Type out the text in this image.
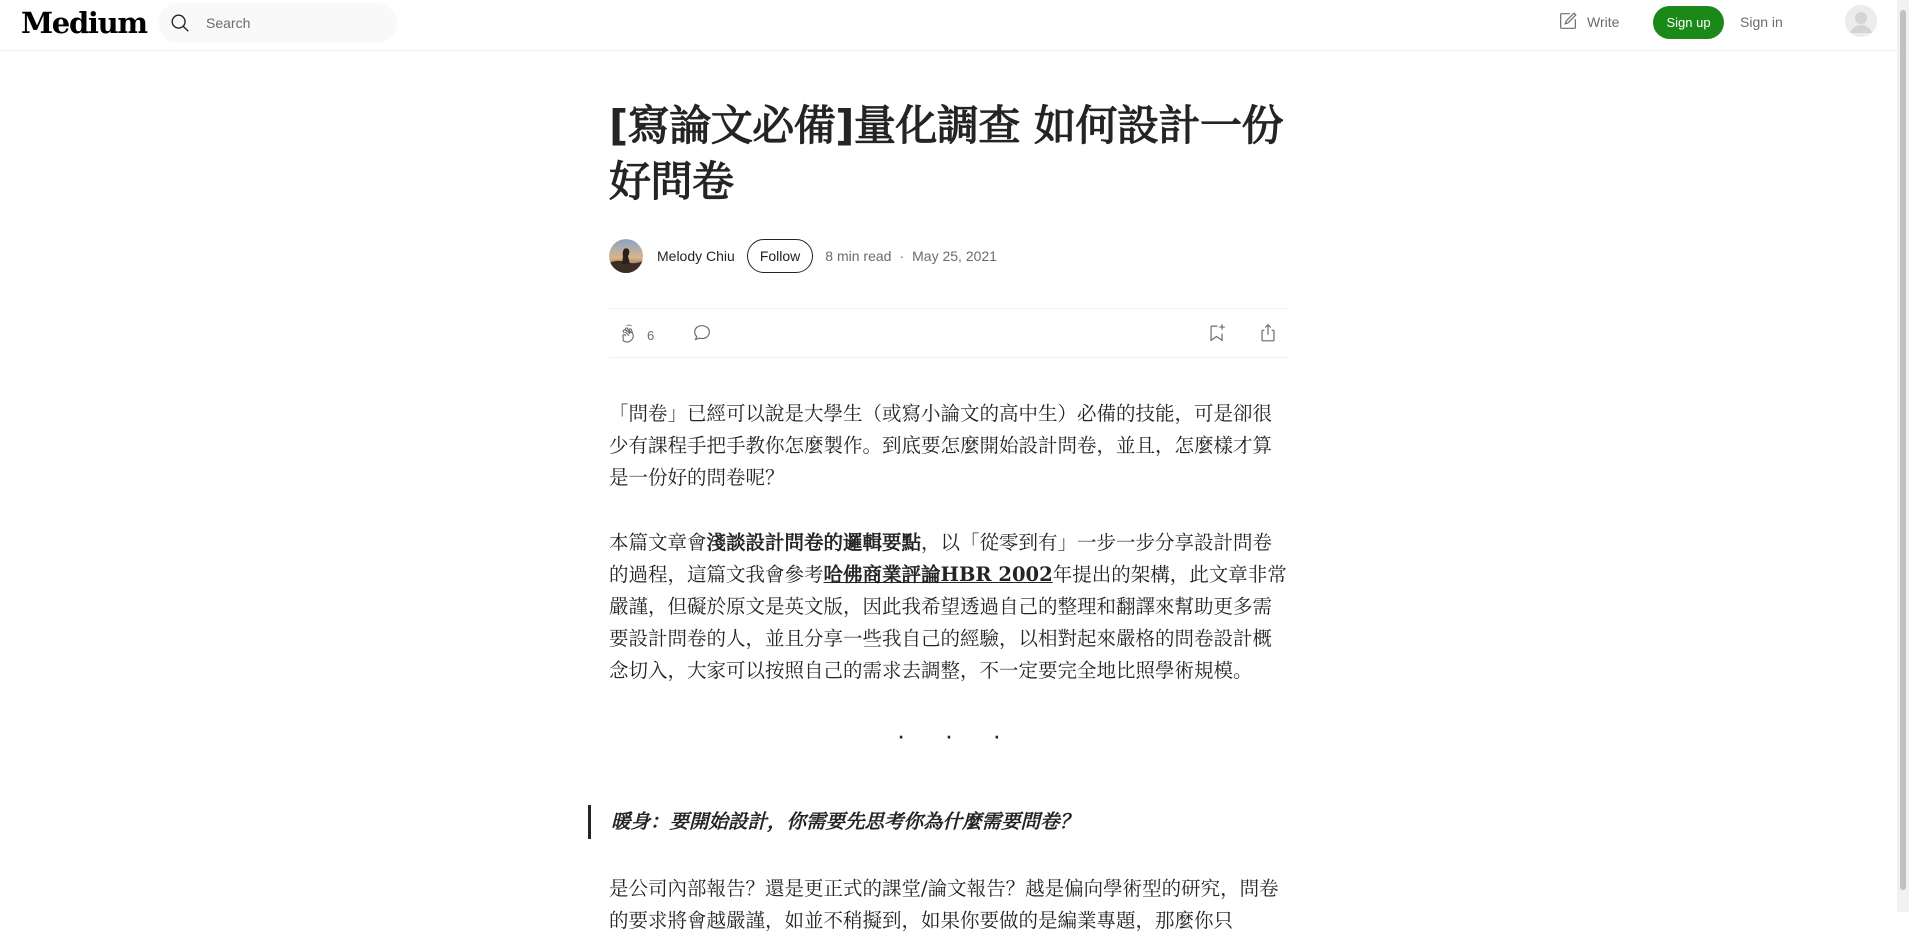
Medium
Search	Write	Sign up	Sign in
[寫論文必備]量化調查 如何設計一份好問卷
Melody Chiu	Follow	8 min read · May 25, 2021
6

「問卷」已經可以說是大學生（或寫小論文的高中生）必備的技能，可是卻很少有課程手把手教你怎麼製作。到底要怎麼開始設計問卷，並且，怎麼樣才算是一份好的問卷呢？

本篇文章會淺談設計問卷的邏輯要點，以「從零到有」一步一步分享設計問卷的過程，這篇文我會參考哈佛商業評論HBR 2002年提出的架構，此文章非常嚴謹，但礙於原文是英文版，因此我希望透過自己的整理和翻譯來幫助更多需要設計問卷的人，並且分享一些我自己的經驗，以相對起來嚴格的問卷設計概念切入，大家可以按照自己的需求去調整，不一定要完全地比照學術規模。

· · ·
暖身：要開始設計，你需要先思考你為什麼需要問卷？

是公司內部報告？還是更正式的課堂/論文報告？越是偏向學術型的研究，問卷的要求將會越嚴謹，如並不稍擬到，如果你要做的是編業專題，那麼你只
